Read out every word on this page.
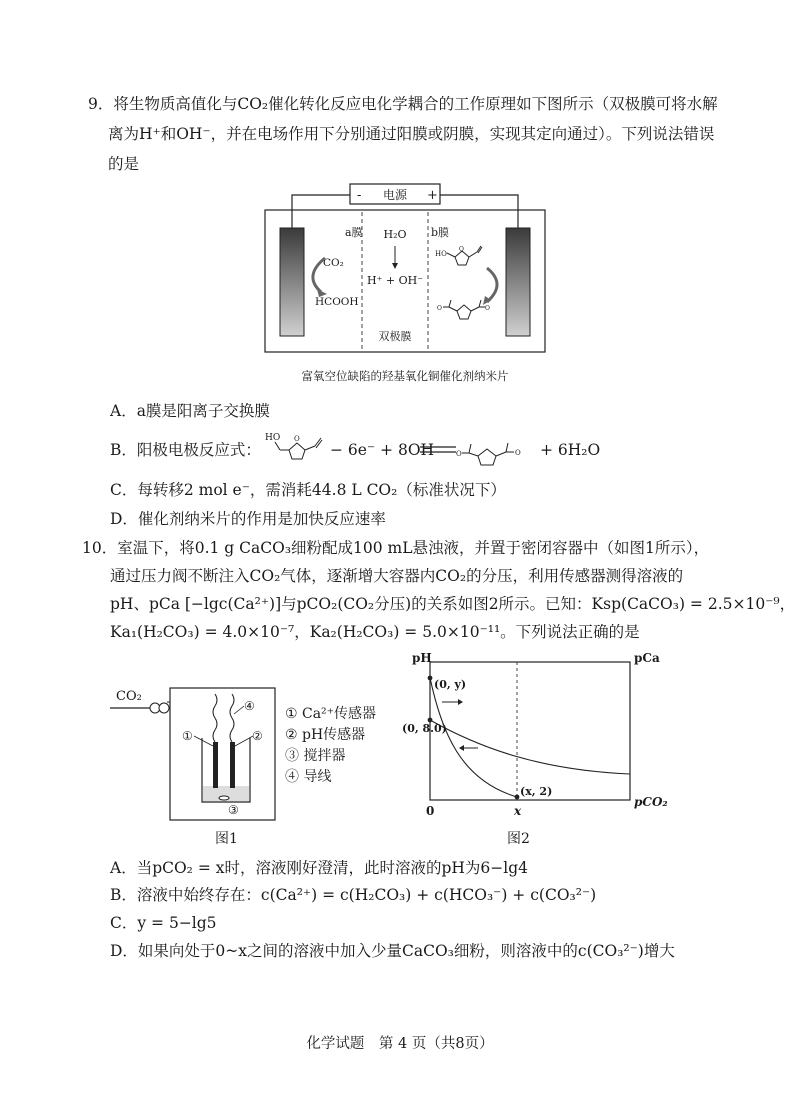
9．将生物质高值化与CO₂催化转化反应电化学耦合的工作原理如下图所示（双极膜可将水解
离为H⁺和OH⁻，并在电场作用下分别通过阳膜或阴膜，实现其定向通过）。下列说法错误
的是
- 电源 +
a膜	b膜
H₂O
H⁺ + OH⁻
双极膜
CO₂
HCOOH
HO
O
O	O
富氧空位缺陷的羟基氧化铜催化剂纳米片
A．a膜是阳离子交换膜
B．阳极电极反应式：
HO O
− 6e⁻ + 8OH⁻ O	O + 6H₂O
C．每转移2 mol e⁻，需消耗44.8 L CO₂（标准状况下）
D．催化剂纳米片的作用是加快反应速率
10．室温下，将0.1 g CaCO₃细粉配成100 mL悬浊液，并置于密闭容器中（如图1所示），
通过压力阀不断注入CO₂气体，逐渐增大容器内CO₂的分压，利用传感器测得溶液的
pH、pCa [−lgc(Ca²⁺)]与pCO₂(CO₂分压)的关系如图2所示。已知：Ksp(CaCO₃) = 2.5×10⁻⁹，
Ka₁(H₂CO₃) = 4.0×10⁻⁷，Ka₂(H₂CO₃) = 5.0×10⁻¹¹。下列说法正确的是
CO₂
①	②
③
④ ① Ca²⁺传感器
② pH传感器
③ 搅拌器
④ 导线
图1
pH	pCa
pCO₂
0	x
(0, y)
(0, 8.0)
(x, 2)
图2
A．当pCO₂ = x时，溶液刚好澄清，此时溶液的pH为6−lg4
B．溶液中始终存在：c(Ca²⁺) = c(H₂CO₃) + c(HCO₃⁻) + c(CO₃²⁻)
C．y = 5−lg5
D．如果向处于0~x之间的溶液中加入少量CaCO₃细粉，则溶液中的c(CO₃²⁻)增大
化学试题　第 4 页（共8页）
